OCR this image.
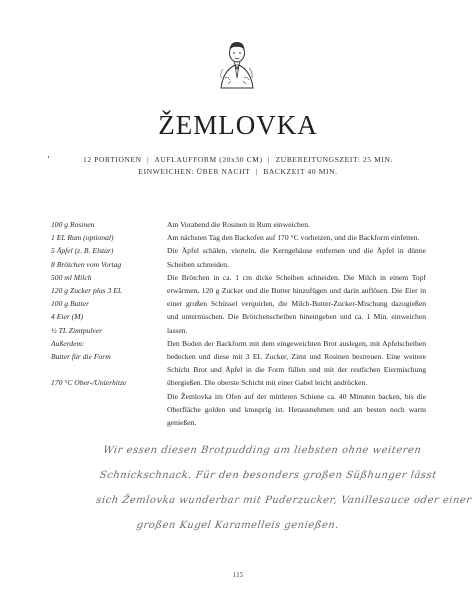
ŽEMLOVKA
‚
12 PORTIONEN | AUFLAUFFORM (20x30 CM) | ZUBEREITUNGSZEIT: 25 MIN.
EINWEICHEN: ÜBER NACHT | BACKZEIT 40 MIN.
100 g Rosinen
1 EL Rum (optional)
5 Äpfel (z. B. Elstar)
8 Brötchen vom Vortag
500 ml Milch
120 g Zucker plus 3 EL
100 g Butter
4 Eier (M)
½ TL Zimtpulver
Außerdem:
Butter für die Form
170 °C Ober-/Unterhitze

Am Vorabend die Rosinen in Rum einweichen.

Am nächsten Tag den Backofen auf 170 °C vorheizen, und die Backform einfetten.

Die Äpfel schälen, vierteln, die Kerngehäuse entfernen und die Äpfel in dünne Scheiben schneiden.

Die Brötchen in ca. 1 cm dicke Scheiben schneiden. Die Milch in einem Topf erwärmen, 120 g Zucker und die Butter hinzufügen und darin auflösen. Die Eier in einer großen Schüssel verquirlen, die Milch-Butter-Zucker-Mischung dazugießen und untermischen. Die Brötchenscheiben hineingeben und ca. 1 Min. einweichen lassen.

Den Boden der Backform mit dem eingeweichten Brot auslegen, mit Apfelscheiben bedecken und diese mit 3 EL Zucker, Zimt und Rosinen bestreuen. Eine weitere Schicht Brot und Äpfel in die Form füllen und mit der restlichen Eiermischung übergießen. Die oberste Schicht mit einer Gabel leicht andrücken.

Die Žemlovka im Ofen auf der mittleren Schiene ca. 40 Minuten backen, bis die Oberfläche golden und knusprig ist. Herausnehmen und am besten noch warm genießen.

Wir essen diesen Brotpudding am liebsten ohne weiteren
Schnickschnack. Für den besonders großen Süßhunger lässt
sich Žemlovka wunderbar mit Puderzucker, Vanillesauce oder einer
großen Kugel Karamelleis genießen.
115
